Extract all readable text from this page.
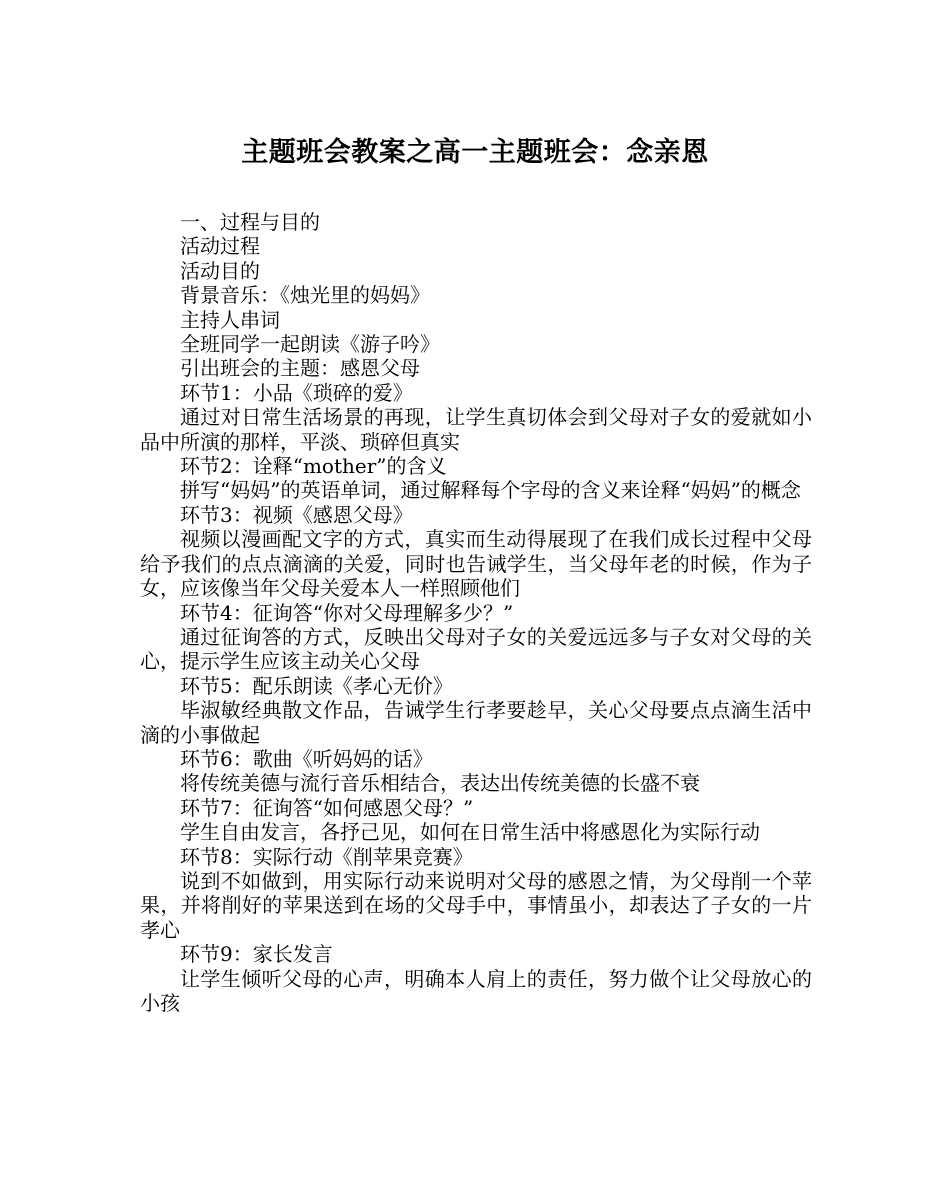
主题班会教案之高一主题班会：念亲恩

一、过程与目的

活动过程

活动目的

背景音乐：《烛光里的妈妈》

主持人串词

全班同学一起朗读《游子吟》

引出班会的主题：感恩父母

环节1：小品《琐碎的爱》

通过对日常生活场景的再现，让学生真切体会到父母对子女的爱就如小品中所演的那样，平淡、琐碎但真实

环节2：诠释“mother”的含义

拼写“妈妈”的英语单词，通过解释每个字母的含义来诠释“妈妈”的概念

环节3：视频《感恩父母》

视频以漫画配文字的方式，真实而生动得展现了在我们成长过程中父母给予我们的点点滴滴的关爱，同时也告诫学生，当父母年老的时候，作为子女，应该像当年父母关爱本人一样照顾他们

环节4：征询答“你对父母理解多少？”

通过征询答的方式，反映出父母对子女的关爱远远多与子女对父母的关心，提示学生应该主动关心父母

环节5：配乐朗读《孝心无价》

毕淑敏经典散文作品，告诫学生行孝要趁早，关心父母要点点滴生活中滴的小事做起

环节6：歌曲《听妈妈的话》

将传统美德与流行音乐相结合，表达出传统美德的长盛不衰

环节7：征询答“如何感恩父母？”

学生自由发言，各抒己见，如何在日常生活中将感恩化为实际行动

环节8：实际行动《削苹果竞赛》

说到不如做到，用实际行动来说明对父母的感恩之情，为父母削一个苹果，并将削好的苹果送到在场的父母手中，事情虽小，却表达了子女的一片孝心

环节9：家长发言

让学生倾听父母的心声，明确本人肩上的责任，努力做个让父母放心的小孩
